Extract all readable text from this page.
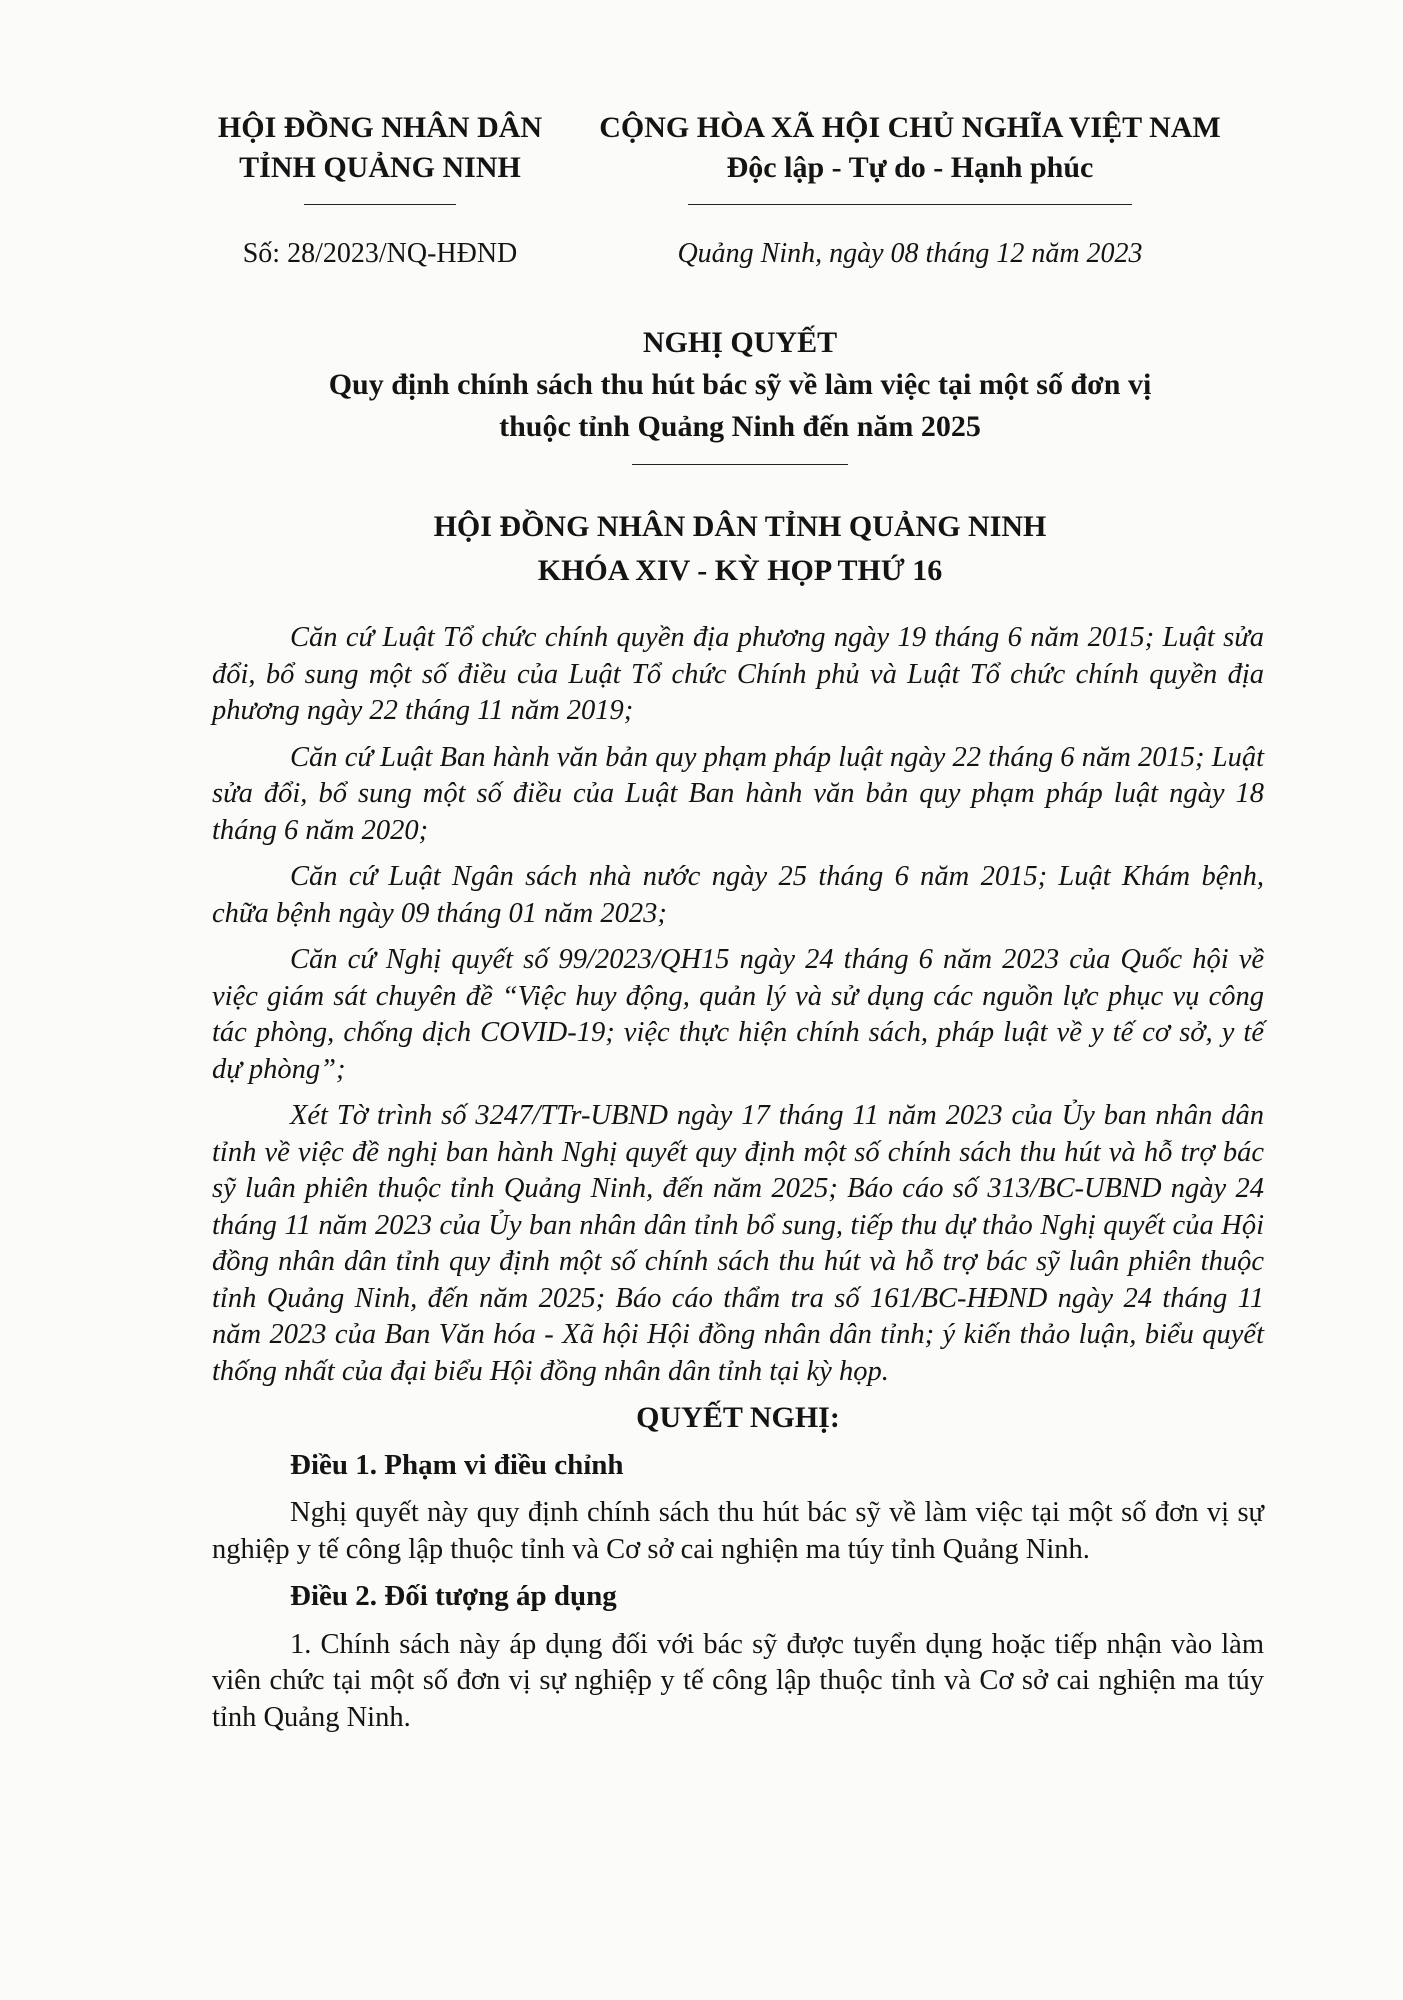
HỘI ĐỒNG NHÂN DÂN
TỈNH QUẢNG NINH
CỘNG HÒA XÃ HỘI CHỦ NGHĨA VIỆT NAM
Độc lập - Tự do - Hạnh phúc
Số: 28/2023/NQ-HĐND	Quảng Ninh, ngày 08 tháng 12 năm 2023
NGHỊ QUYẾT
Quy định chính sách thu hút bác sỹ về làm việc tại một số đơn vị
thuộc tỉnh Quảng Ninh đến năm 2025
HỘI ĐỒNG NHÂN DÂN TỈNH QUẢNG NINH
KHÓA XIV - KỲ HỌP THỨ 16

Căn cứ Luật Tổ chức chính quyền địa phương ngày 19 tháng 6 năm 2015; Luật sửa đổi, bổ sung một số điều của Luật Tổ chức Chính phủ và Luật Tổ chức chính quyền địa phương ngày 22 tháng 11 năm 2019;

Căn cứ Luật Ban hành văn bản quy phạm pháp luật ngày 22 tháng 6 năm 2015; Luật sửa đổi, bổ sung một số điều của Luật Ban hành văn bản quy phạm pháp luật ngày 18 tháng 6 năm 2020;

Căn cứ Luật Ngân sách nhà nước ngày 25 tháng 6 năm 2015; Luật Khám bệnh, chữa bệnh ngày 09 tháng 01 năm 2023;

Căn cứ Nghị quyết số 99/2023/QH15 ngày 24 tháng 6 năm 2023 của Quốc hội về việc giám sát chuyên đề “Việc huy động, quản lý và sử dụng các nguồn lực phục vụ công tác phòng, chống dịch COVID-19; việc thực hiện chính sách, pháp luật về y tế cơ sở, y tế dự phòng”;

Xét Tờ trình số 3247/TTr-UBND ngày 17 tháng 11 năm 2023 của Ủy ban nhân dân tỉnh về việc đề nghị ban hành Nghị quyết quy định một số chính sách thu hút và hỗ trợ bác sỹ luân phiên thuộc tỉnh Quảng Ninh, đến năm 2025; Báo cáo số 313/BC-UBND ngày 24 tháng 11 năm 2023 của Ủy ban nhân dân tỉnh bổ sung, tiếp thu dự thảo Nghị quyết của Hội đồng nhân dân tỉnh quy định một số chính sách thu hút và hỗ trợ bác sỹ luân phiên thuộc tỉnh Quảng Ninh, đến năm 2025; Báo cáo thẩm tra số 161/BC-HĐND ngày 24 tháng 11 năm 2023 của Ban Văn hóa - Xã hội Hội đồng nhân dân tỉnh; ý kiến thảo luận, biểu quyết thống nhất của đại biểu Hội đồng nhân dân tỉnh tại kỳ họp.

QUYẾT NGHỊ:
Điều 1. Phạm vi điều chỉnh

Nghị quyết này quy định chính sách thu hút bác sỹ về làm việc tại một số đơn vị sự nghiệp y tế công lập thuộc tỉnh và Cơ sở cai nghiện ma túy tỉnh Quảng Ninh.

Điều 2. Đối tượng áp dụng

1. Chính sách này áp dụng đối với bác sỹ được tuyển dụng hoặc tiếp nhận vào làm viên chức tại một số đơn vị sự nghiệp y tế công lập thuộc tỉnh và Cơ sở cai nghiện ma túy tỉnh Quảng Ninh.
